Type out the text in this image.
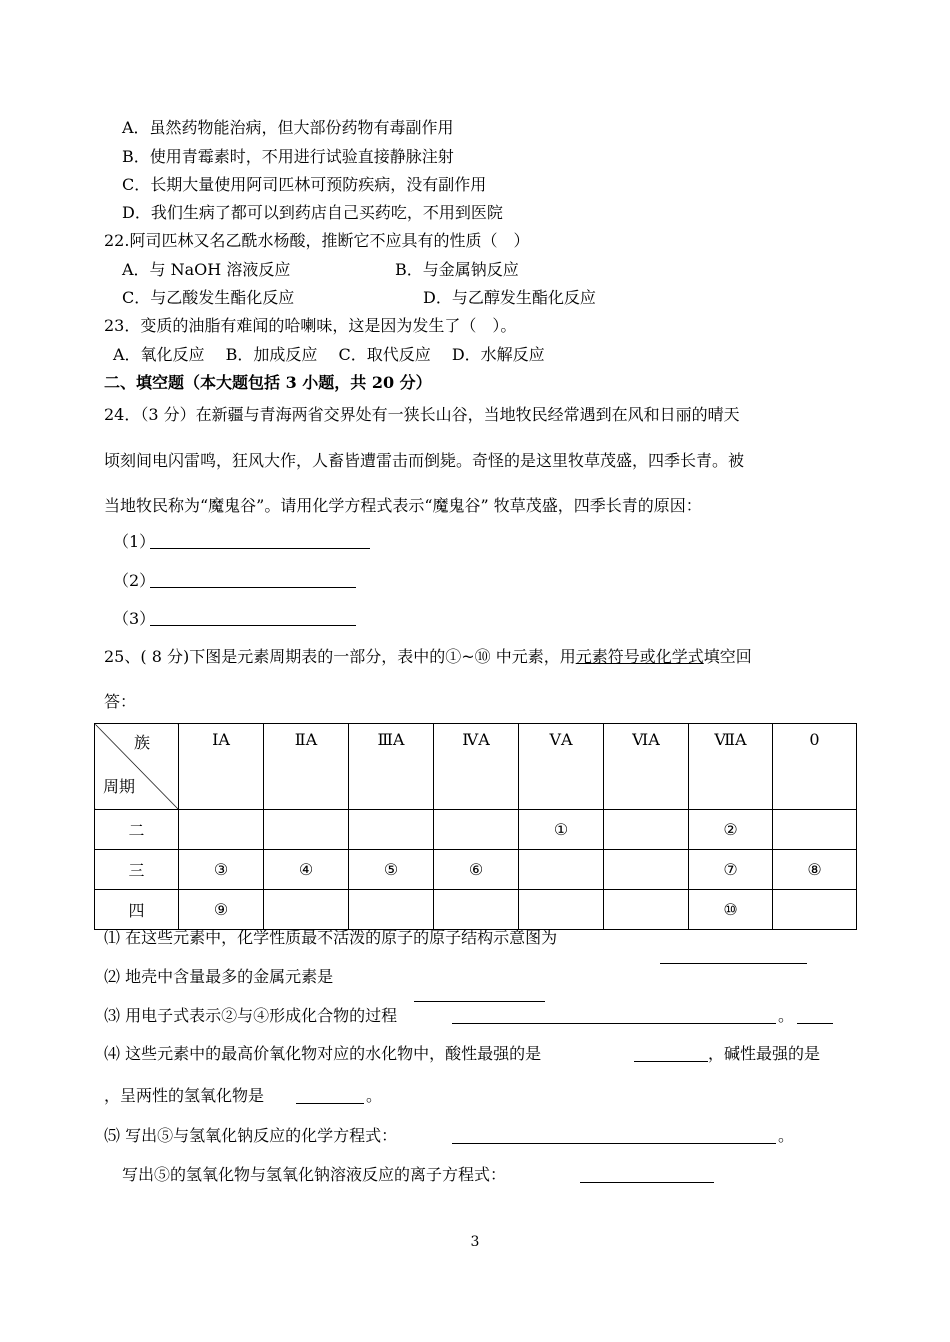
A．虽然药物能治病，但大部份药物有毒副作用
B．使用青霉素时，不用进行试验直接静脉注射
C．长期大量使用阿司匹林可预防疾病，没有副作用
D．我们生病了都可以到药店自己买药吃，不用到医院
22.阿司匹林又名乙酰水杨酸，推断它不应具有的性质（　）
A．与 NaOH 溶液反应	B．与金属钠反应
C．与乙酸发生酯化反应	D．与乙醇发生酯化反应
23．变质的油脂有难闻的哈喇味，这是因为发生了（　）。
A．氧化反应　 B．加成反应　 C．取代反应　 D．水解反应
二、填空题（本大题包括 3 小题，共 20 分）
24．（3 分）在新疆与青海两省交界处有一狭长山谷，当地牧民经常遇到在风和日丽的晴天
顷刻间电闪雷鸣，狂风大作，人畜皆遭雷击而倒毙。奇怪的是这里牧草茂盛，四季长青。被
当地牧民称为“魔鬼谷”。请用化学方程式表示“魔鬼谷” 牧草茂盛，四季长青的原因：
（1）
（2）
（3）
25、( 8 分)下图是元素周期表的一部分，表中的①~⑩ 中元素，用元素符号或化学式填空回
答：
族
周期	ⅠA	ⅡA	ⅢA	ⅣA	ⅤA	ⅥA	ⅦA	0
二					①		②	
三	③	④	⑤	⑥			⑦	⑧
四	⑨						⑩	
⑴ 在这些元素中，化学性质最不活泼的原子的原子结构示意图为
⑵ 地壳中含量最多的金属元素是
⑶ 用电子式表示②与④形成化合物的过程	。
⑷ 这些元素中的最高价氧化物对应的水化物中，酸性最强的是	，碱性最强的是
，呈两性的氢氧化物是	。
⑸ 写出⑤与氢氧化钠反应的化学方程式：	。
写出⑤的氢氧化物与氢氧化钠溶液反应的离子方程式：
3
